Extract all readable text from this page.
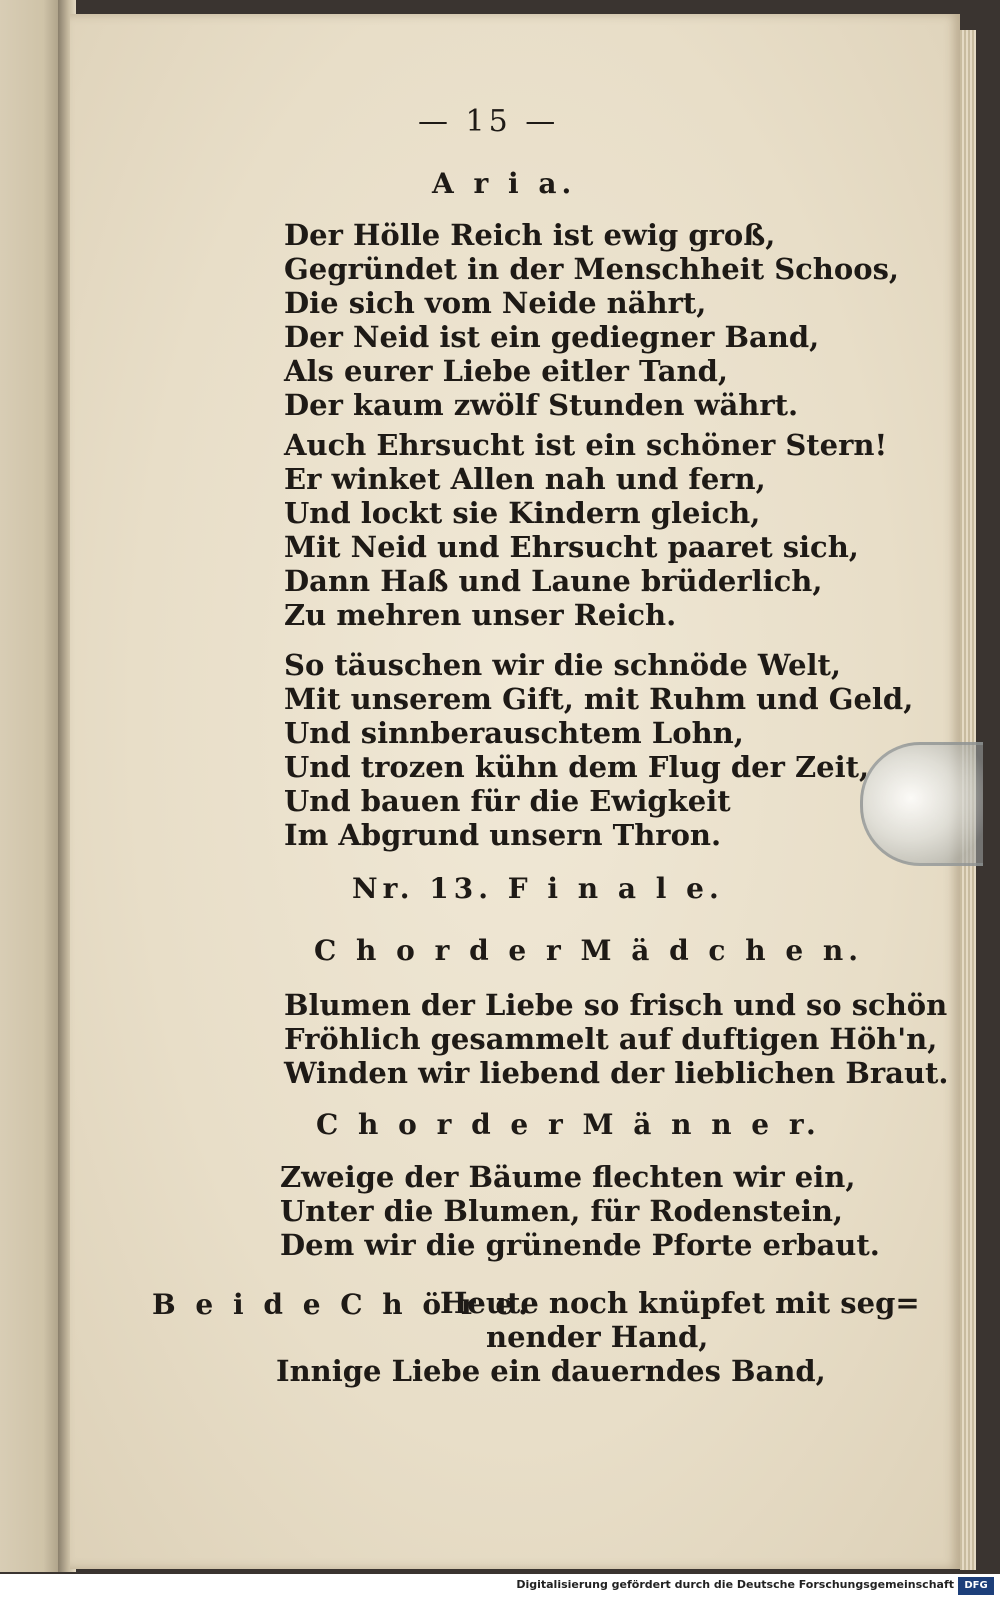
— 15 —
A r i a.
Der Hölle Reich ist ewig groß,
Gegründet in der Menschheit Schoos,
Die sich vom Neide nährt,
Der Neid ist ein gediegner Band,
Als eurer Liebe eitler Tand,
Der kaum zwölf Stunden währt.
Auch Ehrsucht ist ein schöner Stern!
Er winket Allen nah und fern,
Und lockt sie Kindern gleich,
Mit Neid und Ehrsucht paaret sich,
Dann Haß und Laune brüderlich,
Zu mehren unser Reich.
So täuschen wir die schnöde Welt,
Mit unserem Gift, mit Ruhm und Geld,
Und sinnberauschtem Lohn,
Und trozen kühn dem Flug der Zeit,
Und bauen für die Ewigkeit
Im Abgrund unsern Thron.
Nr. 13. F i n a l e.
C h o r d e r M ä d c h e n.
Blumen der Liebe so frisch und so schön
Fröhlich gesammelt auf duftigen Höh'n,
Winden wir liebend der lieblichen Braut.
C h o r d e r M ä n n e r.
Zweige der Bäume flechten wir ein,
Unter die Blumen, für Rodenstein,
Dem wir die grünende Pforte erbaut.
B e i d e C h ö r e.
Heute noch knüpfet mit seg=
nender Hand,
Innige Liebe ein dauerndes Band,
Digitalisierung gefördert durch die Deutsche Forschungsgemeinschaft	DFG
